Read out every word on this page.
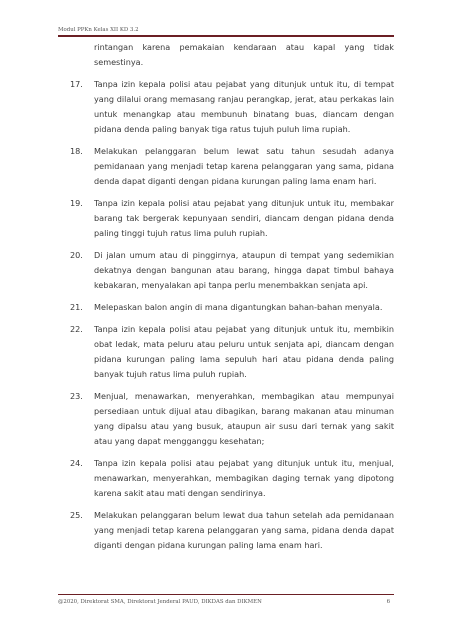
Modul PPKn Kelas XII KD 3.2

rintangan karena pemakaian kendaraan atau kapal yang tidak semestinya.

17. Tanpa izin kepala polisi atau pejabat yang ditunjuk untuk itu, di tempat yang dilalui orang memasang ranjau perangkap, jerat, atau perkakas lain untuk menangkap atau membunuh binatang buas, diancam dengan pidana denda paling banyak tiga ratus tujuh puluh lima rupiah.
18. Melakukan pelanggaran belum lewat satu tahun sesudah adanya pemidanaan yang menjadi tetap karena pelanggaran yang sama, pidana denda dapat diganti dengan pidana kurungan paling lama enam hari.
19. Tanpa izin kepala polisi atau pejabat yang ditunjuk untuk itu, membakar barang tak bergerak kepunyaan sendiri, diancam dengan pidana denda paling tinggi tujuh ratus lima puluh rupiah.
20. Di jalan umum atau di pinggirnya, ataupun di tempat yang sedemikian dekatnya dengan bangunan atau barang, hingga dapat timbul bahaya kebakaran, menyalakan api tanpa perlu menembakkan senjata api.
21. Melepaskan balon angin di mana digantungkan bahan-bahan menyala.
22. Tanpa izin kepala polisi atau pejabat yang ditunjuk untuk itu, membikin obat ledak, mata peluru atau peluru untuk senjata api, diancam dengan pidana kurungan paling lama sepuluh hari atau pidana denda paling banyak tujuh ratus lima puluh rupiah.
23. Menjual, menawarkan, menyerahkan, membagikan atau mempunyai persediaan untuk dijual atau dibagikan, barang makanan atau minuman yang dipalsu atau yang busuk, ataupun air susu dari ternak yang sakit atau yang dapat mengganggu kesehatan;
24. Tanpa izin kepala polisi atau pejabat yang ditunjuk untuk itu, menjual, menawarkan, menyerahkan, membagikan daging ternak yang dipotong karena sakit atau mati dengan sendirinya.
25. Melakukan pelanggaran belum lewat dua tahun setelah ada pemidanaan yang menjadi tetap karena pelanggaran yang sama, pidana denda dapat diganti dengan pidana kurungan paling lama enam hari.
@2020, Direktorat SMA, Direktorat Jenderal PAUD, DIKDAS dan DIKMEN	6
